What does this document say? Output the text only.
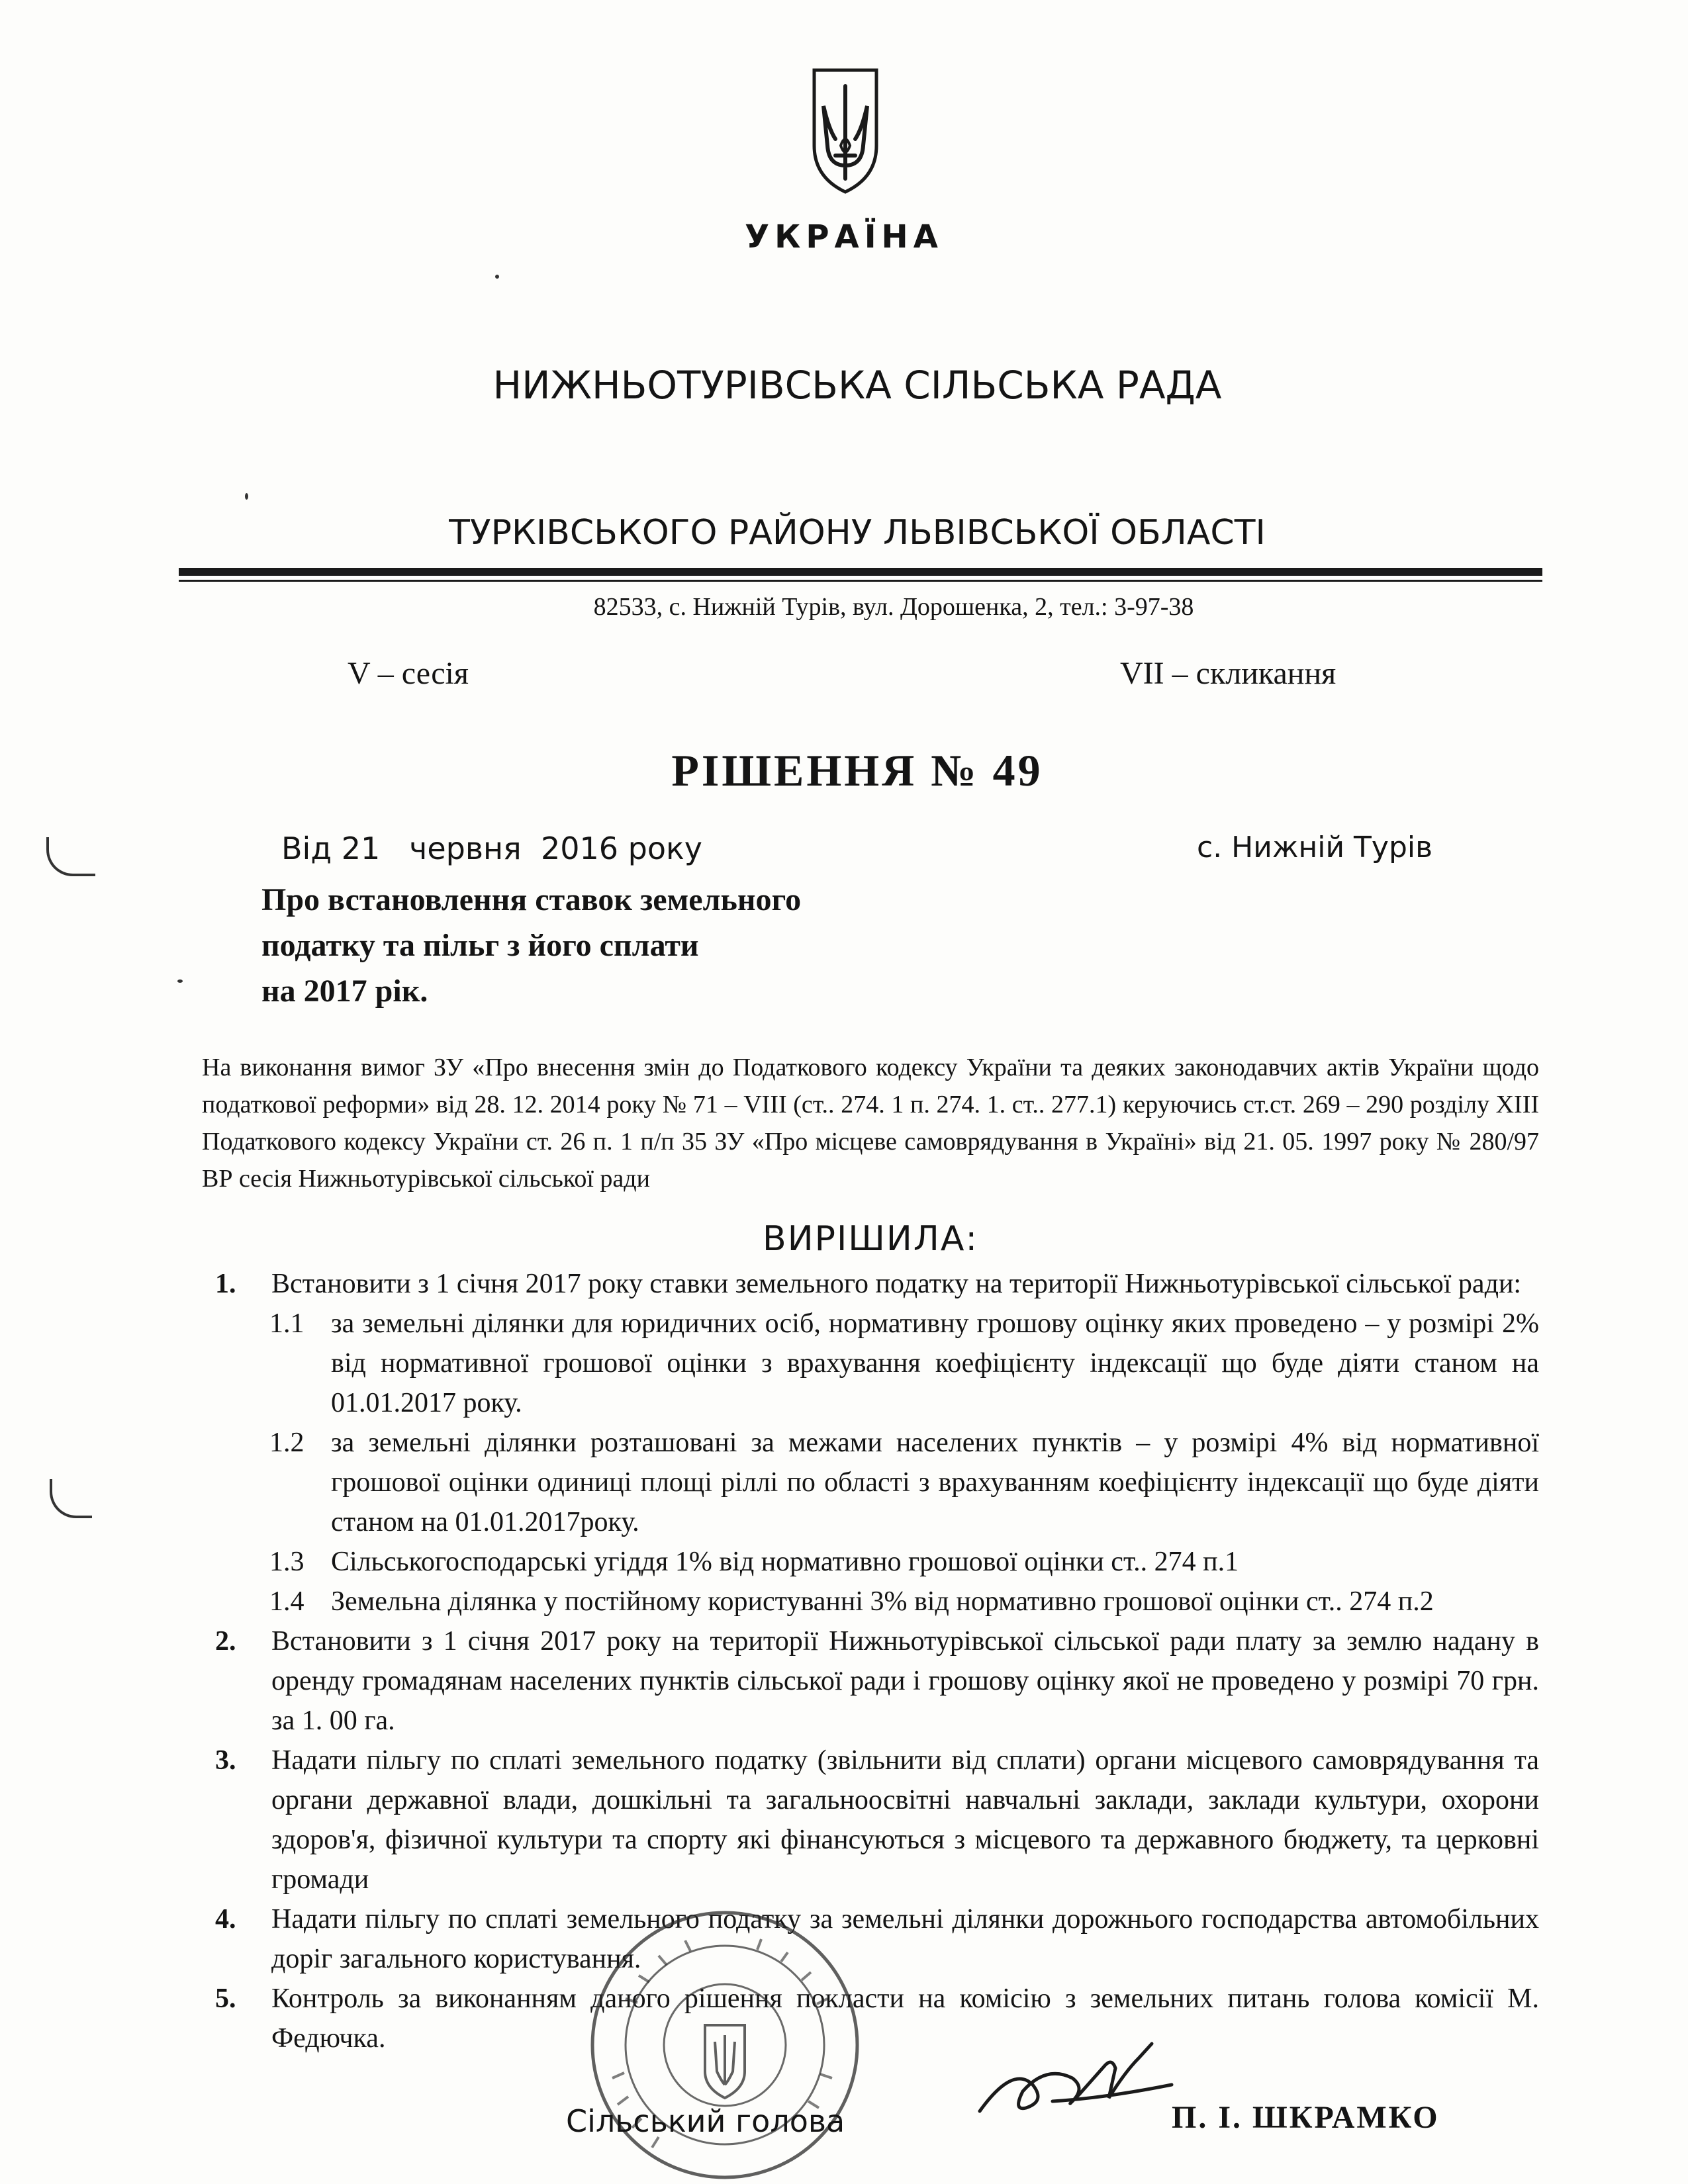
УКРАЇНА
НИЖНЬОТУРІВСЬКА СІЛЬСЬКА РАДА
ТУРКІВСЬКОГО РАЙОНУ ЛЬВІВСЬКОЇ ОБЛАСТІ
82533, с. Нижній Турів, вул. Дорошенка, 2, тел.: 3-97-38
V – сесія	VII – скликання
РІШЕННЯ № 49
Від 21   червня  2016 року	с. Нижній Турів
Про встановлення ставок земельного
податку та пільг з його сплати
на 2017 рік.
На виконання вимог ЗУ «Про внесення змін до Податкового кодексу України та деяких законодавчих актів України щодо податкової реформи» від 28. 12. 2014 року № 71 – VIII (ст.. 274. 1 п. 274. 1. ст.. 277.1) керуючись ст.ст. 269 – 290 розділу XIII Податкового кодексу України ст. 26 п. 1 п/п 35 ЗУ «Про місцеве самоврядування в Україні» від 21. 05. 1997 року № 280/97 ВР сесія Нижньотурівської сільської ради
ВИРІШИЛА:
1. Встановити з 1 січня 2017 року ставки земельного податку на території Нижньотурівської сільської ради:
1.1 за земельні ділянки для юридичних осіб, нормативну грошову оцінку яких проведено – у розмірі 2% від нормативної грошової оцінки з врахування коефіцієнту індексації що буде діяти станом на 01.01.2017 року.
1.2 за земельні ділянки розташовані за межами населених пунктів – у розмірі 4% від нормативної грошової оцінки одиниці площі ріллі по області з врахуванням коефіцієнту індексації що буде діяти станом на 01.01.2017року.
1.3 Сільськогосподарські угіддя 1% від нормативно грошової оцінки ст.. 274 п.1
1.4 Земельна ділянка у постійному користуванні 3% від нормативно грошової оцінки ст.. 274 п.2
2. Встановити з 1 січня 2017 року на території Нижньотурівської сільської ради плату за землю надану в оренду громадянам населених пунктів сільської ради і грошову оцінку якої не проведено у розмірі 70 грн. за 1. 00 га.
3. Надати пільгу по сплаті земельного податку (звільнити від сплати) органи місцевого самоврядування та органи державної влади, дошкільні та загальноосвітні навчальні заклади, заклади культури, охорони здоров'я, фізичної культури та спорту які фінансуються з місцевого та державного бюджету, та церковні громади
4. Надати пільгу по сплаті земельного податку за земельні ділянки дорожнього господарства автомобільних доріг загального користування.
5. Контроль за виконанням даного рішення покласти на комісію з земельних питань голова комісії М. Федючка.
Сільський голова	П. І. ШКРАМКО
